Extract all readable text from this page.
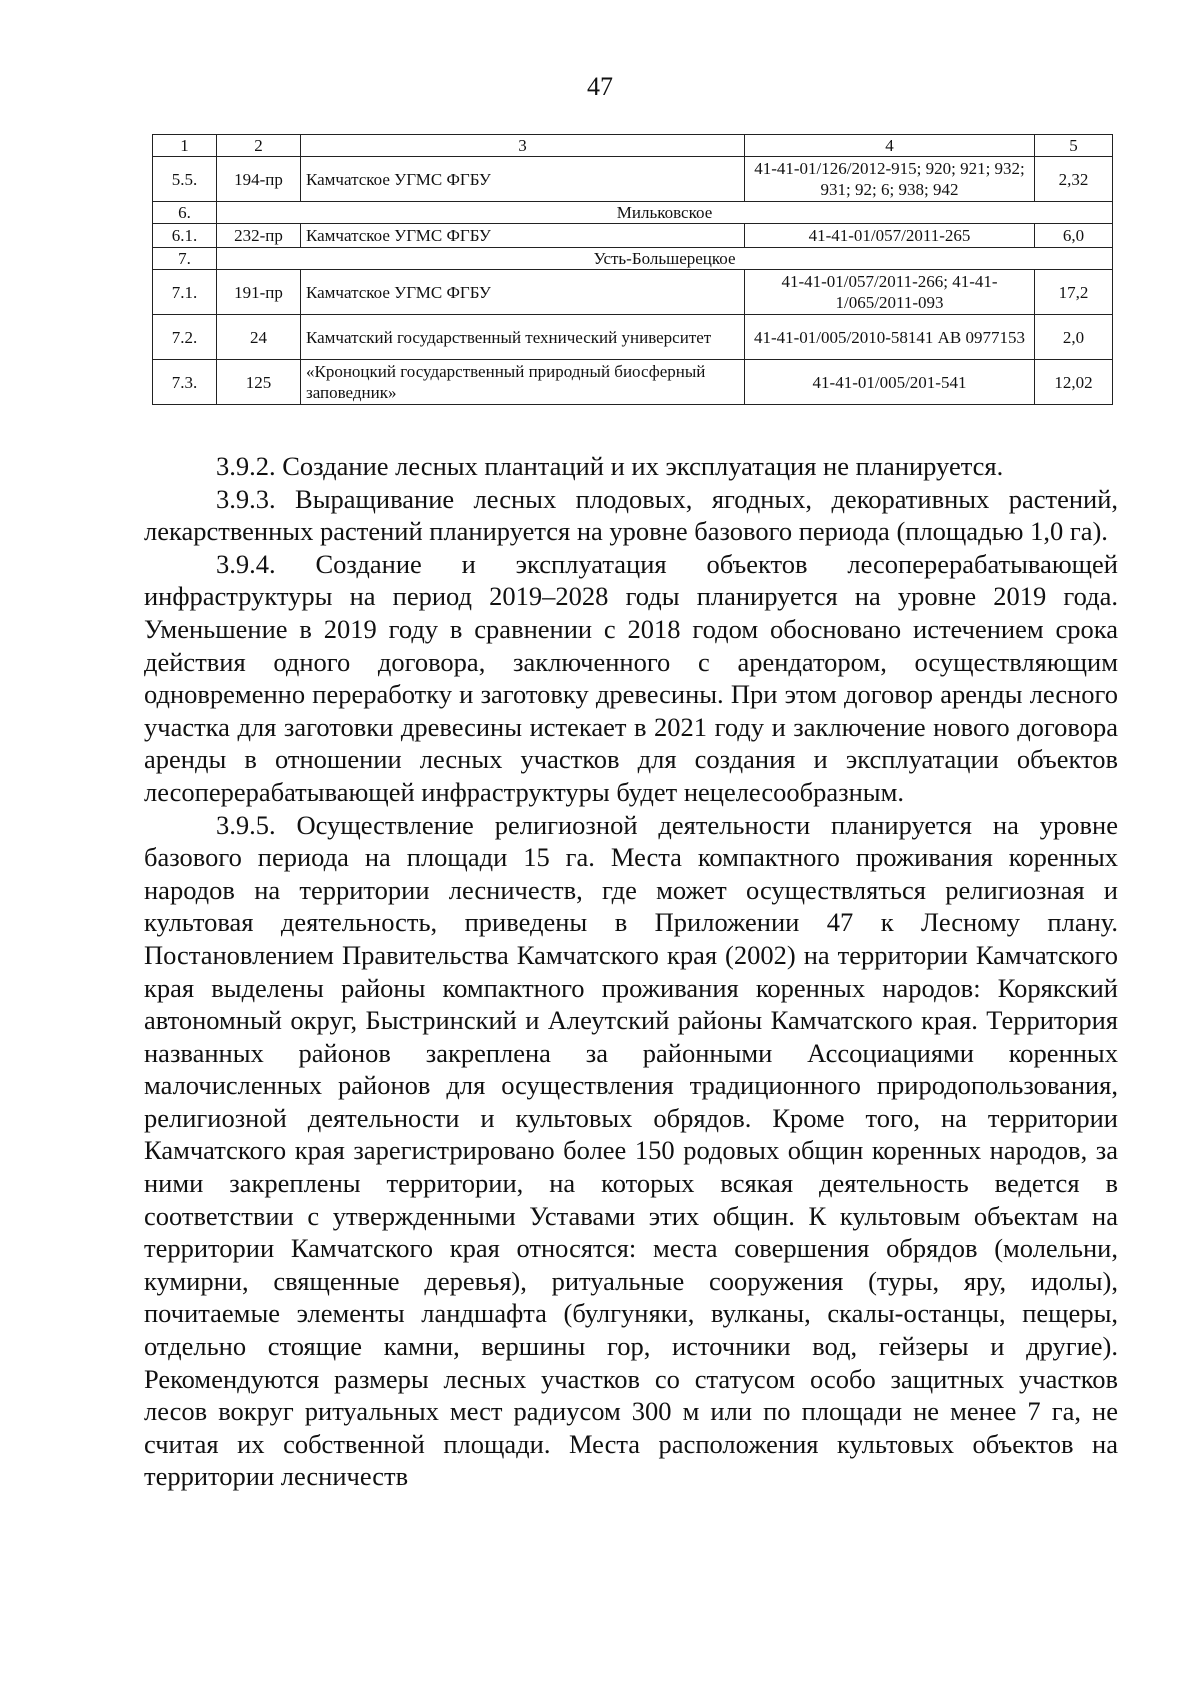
47
1	2	3	4	5
5.5.	194-пр	Камчатское УГМС ФГБУ	41-41-01/126/2012-915; 920; 921; 932; 931; 92; 6; 938; 942	2,32
6.	Мильковское			
6.1.	232-пр	Камчатское УГМС ФГБУ	41-41-01/057/2011-265	6,0
7.	Усть-Большерецкое			
7.1.	191-пр	Камчатское УГМС ФГБУ	41-41-01/057/2011-266; 41-41-1/065/2011-093	17,2
7.2.	24	Камчатский государственный технический университет	41-41-01/005/2010-58141 АВ 0977153	2,0
7.3.	125	«Кроноцкий государственный природный биосферный заповедник»	41-41-01/005/201-541	12,02

3.9.2. Создание лесных плантаций и их эксплуатация не планируется.

3.9.3. Выращивание лесных плодовых, ягодных, декоративных растений, лекарственных растений планируется на уровне базового периода (площадью 1,0 га).

3.9.4. Создание и эксплуатация объектов лесоперерабатывающей инфраструктуры на период 2019–2028 годы планируется на уровне 2019 года. Уменьшение в 2019 году в сравнении с 2018 годом обосновано истечением срока действия одного договора, заключенного с арендатором, осуществляющим одновременно переработку и заготовку древесины. При этом договор аренды лесного участка для заготовки древесины истекает в 2021 году и заключение нового договора аренды в отношении лесных участков для создания и эксплуатации объектов лесоперерабатывающей инфраструктуры будет нецелесообразным.

3.9.5. Осуществление религиозной деятельности планируется на уровне базового периода на площади 15 га. Места компактного проживания коренных народов на территории лесничеств, где может осуществляться религиозная и культовая деятельность, приведены в Приложении 47 к Лесному плану. Постановлением Правительства Камчатского края (2002) на территории Камчатского края выделены районы компактного проживания коренных народов: Корякский автономный округ, Быстринский и Алеутский районы Камчатского края. Территория названных районов закреплена за районными Ассоциациями коренных малочисленных районов для осуществления традиционного природопользования, религиозной деятельности и культовых обрядов. Кроме того, на территории Камчатского края зарегистрировано более 150 родовых общин коренных народов, за ними закреплены территории, на которых всякая деятельность ведется в соответствии с утвержденными Уставами этих общин. К культовым объектам на территории Камчатского края относятся: места совершения обрядов (молельни, кумирни, священные деревья), ритуальные сооружения (туры, яру, идолы), почитаемые элементы ландшафта (булгуняки, вулканы, скалы-останцы, пещеры, отдельно стоящие камни, вершины гор, источники вод, гейзеры и другие). Рекомендуются размеры лесных участков со статусом особо защитных участков лесов вокруг ритуальных мест радиусом 300 м или по площади не менее 7 га, не считая их собственной площади. Места расположения культовых объектов на территории лесничеств
